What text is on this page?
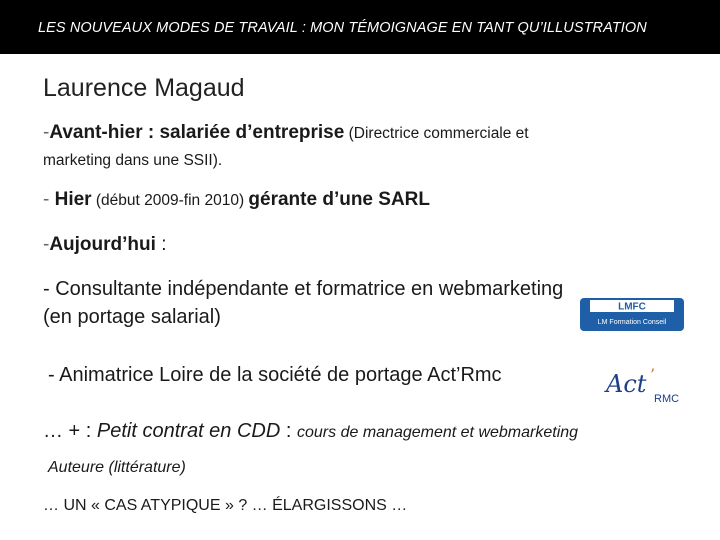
LES NOUVEAUX MODES DE TRAVAIL : MON TÉMOIGNAGE EN TANT QU’ILLUSTRATION
Laurence Magaud
-Avant-hier : salariée d’entreprise (Directrice commerciale et
marketing dans une SSII).
- Hier (début 2009-fin 2010) gérante d’une SARL
-Aujourd’hui :
- Consultante indépendante et formatrice en webmarketing
(en portage salarial)	LMFC
LM Formation Conseil
- Animatrice Loire de la société de portage Act’Rmc	Act ’
RMC
… + : Petit contrat en CDD : cours de management et webmarketing
Auteure (littérature)
… UN « CAS ATYPIQUE » ? … ÉLARGISSONS …
